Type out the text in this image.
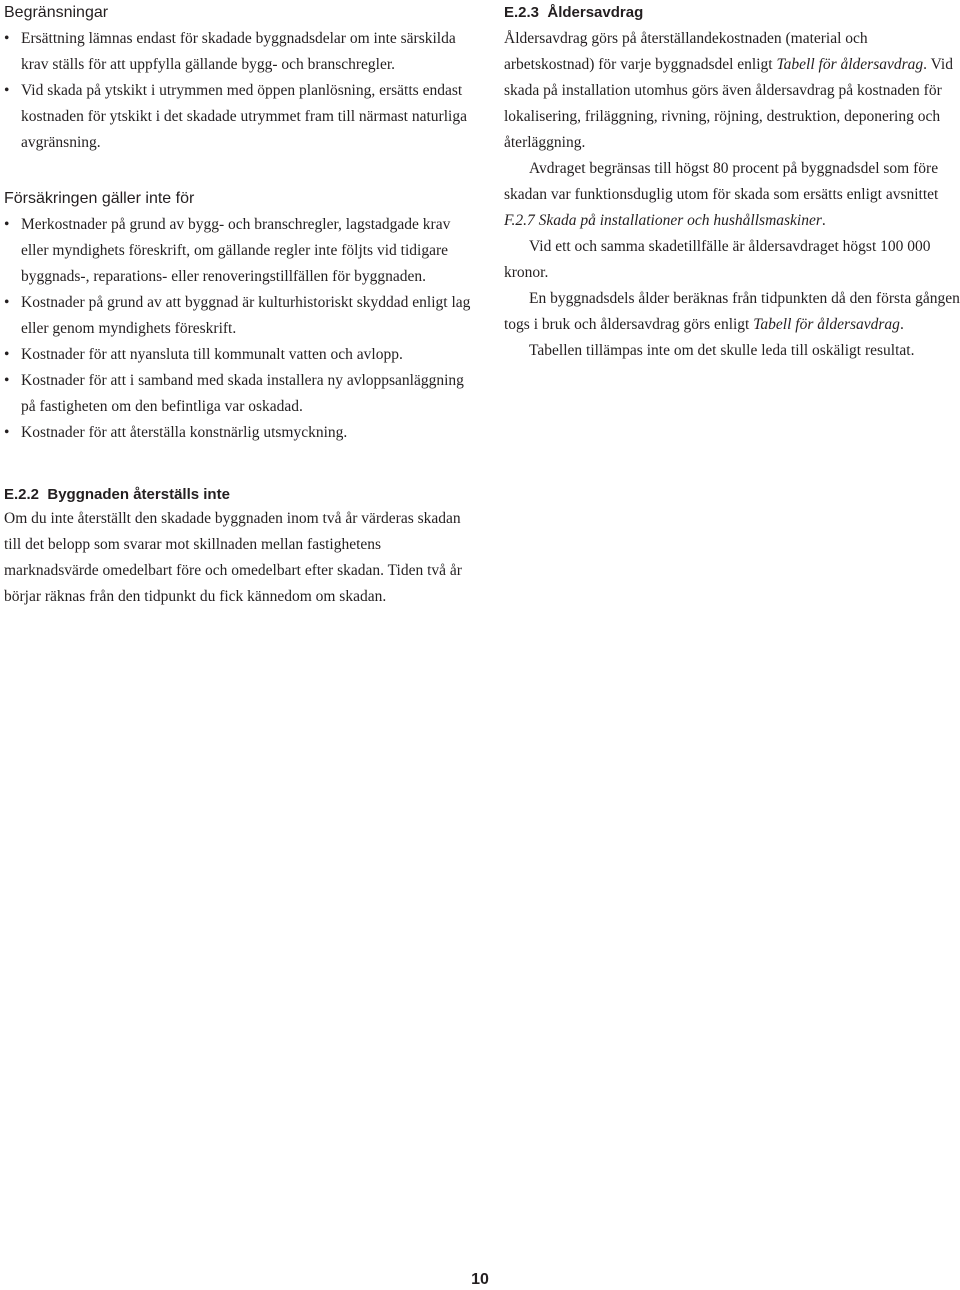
Begränsningar
• Ersättning lämnas endast för skadade byggnadsdelar om inte särskilda krav ställs för att uppfylla gällande bygg- och branschregler.
• Vid skada på ytskikt i utrymmen med öppen planlösning, ersätts endast kostnaden för ytskikt i det skadade utrymmet fram till närmast naturliga avgränsning.
Försäkringen gäller inte för
• Merkostnader på grund av bygg- och branschregler, lagstadgade krav eller myndighets föreskrift, om gällande regler inte följts vid tidigare byggnads-, reparations- eller renoveringstillfällen för byggnaden.
• Kostnader på grund av att byggnad är kulturhistoriskt skyddad enligt lag eller genom myndighets föreskrift.
• Kostnader för att nyansluta till kommunalt vatten och avlopp.
• Kostnader för att i samband med skada installera ny avloppsanläggning på fastigheten om den befintliga var oskadad.
• Kostnader för att återställa konstnärlig utsmyckning.
E.2.2 Byggnaden återställs inte

Om du inte återställt den skadade byggnaden inom två år värderas skadan till det belopp som svarar mot skillnaden mellan fastighetens marknadsvärde omedelbart före och omedelbart efter skadan. Tiden två år börjar räknas från den tidpunkt du fick kännedom om skadan.

E.2.3 Åldersavdrag

Åldersavdrag görs på återställandekostnaden (material och arbetskostnad) för varje byggnadsdel enligt Tabell för åldersavdrag. Vid skada på installation utomhus görs även åldersavdrag på kostnaden för lokalisering, friläggning, rivning, röjning, destruktion, deponering och återläggning.

Avdraget begränsas till högst 80 procent på byggnadsdel som före skadan var funktionsduglig utom för skada som ersätts enligt avsnittet F.2.7 Skada på installationer och hushållsmaskiner.

Vid ett och samma skadetillfälle är åldersavdraget högst 100 000 kronor.

En byggnadsdels ålder beräknas från tidpunkten då den första gången togs i bruk och åldersavdrag görs enligt Tabell för åldersavdrag.

Tabellen tillämpas inte om det skulle leda till oskäligt resultat.

10
